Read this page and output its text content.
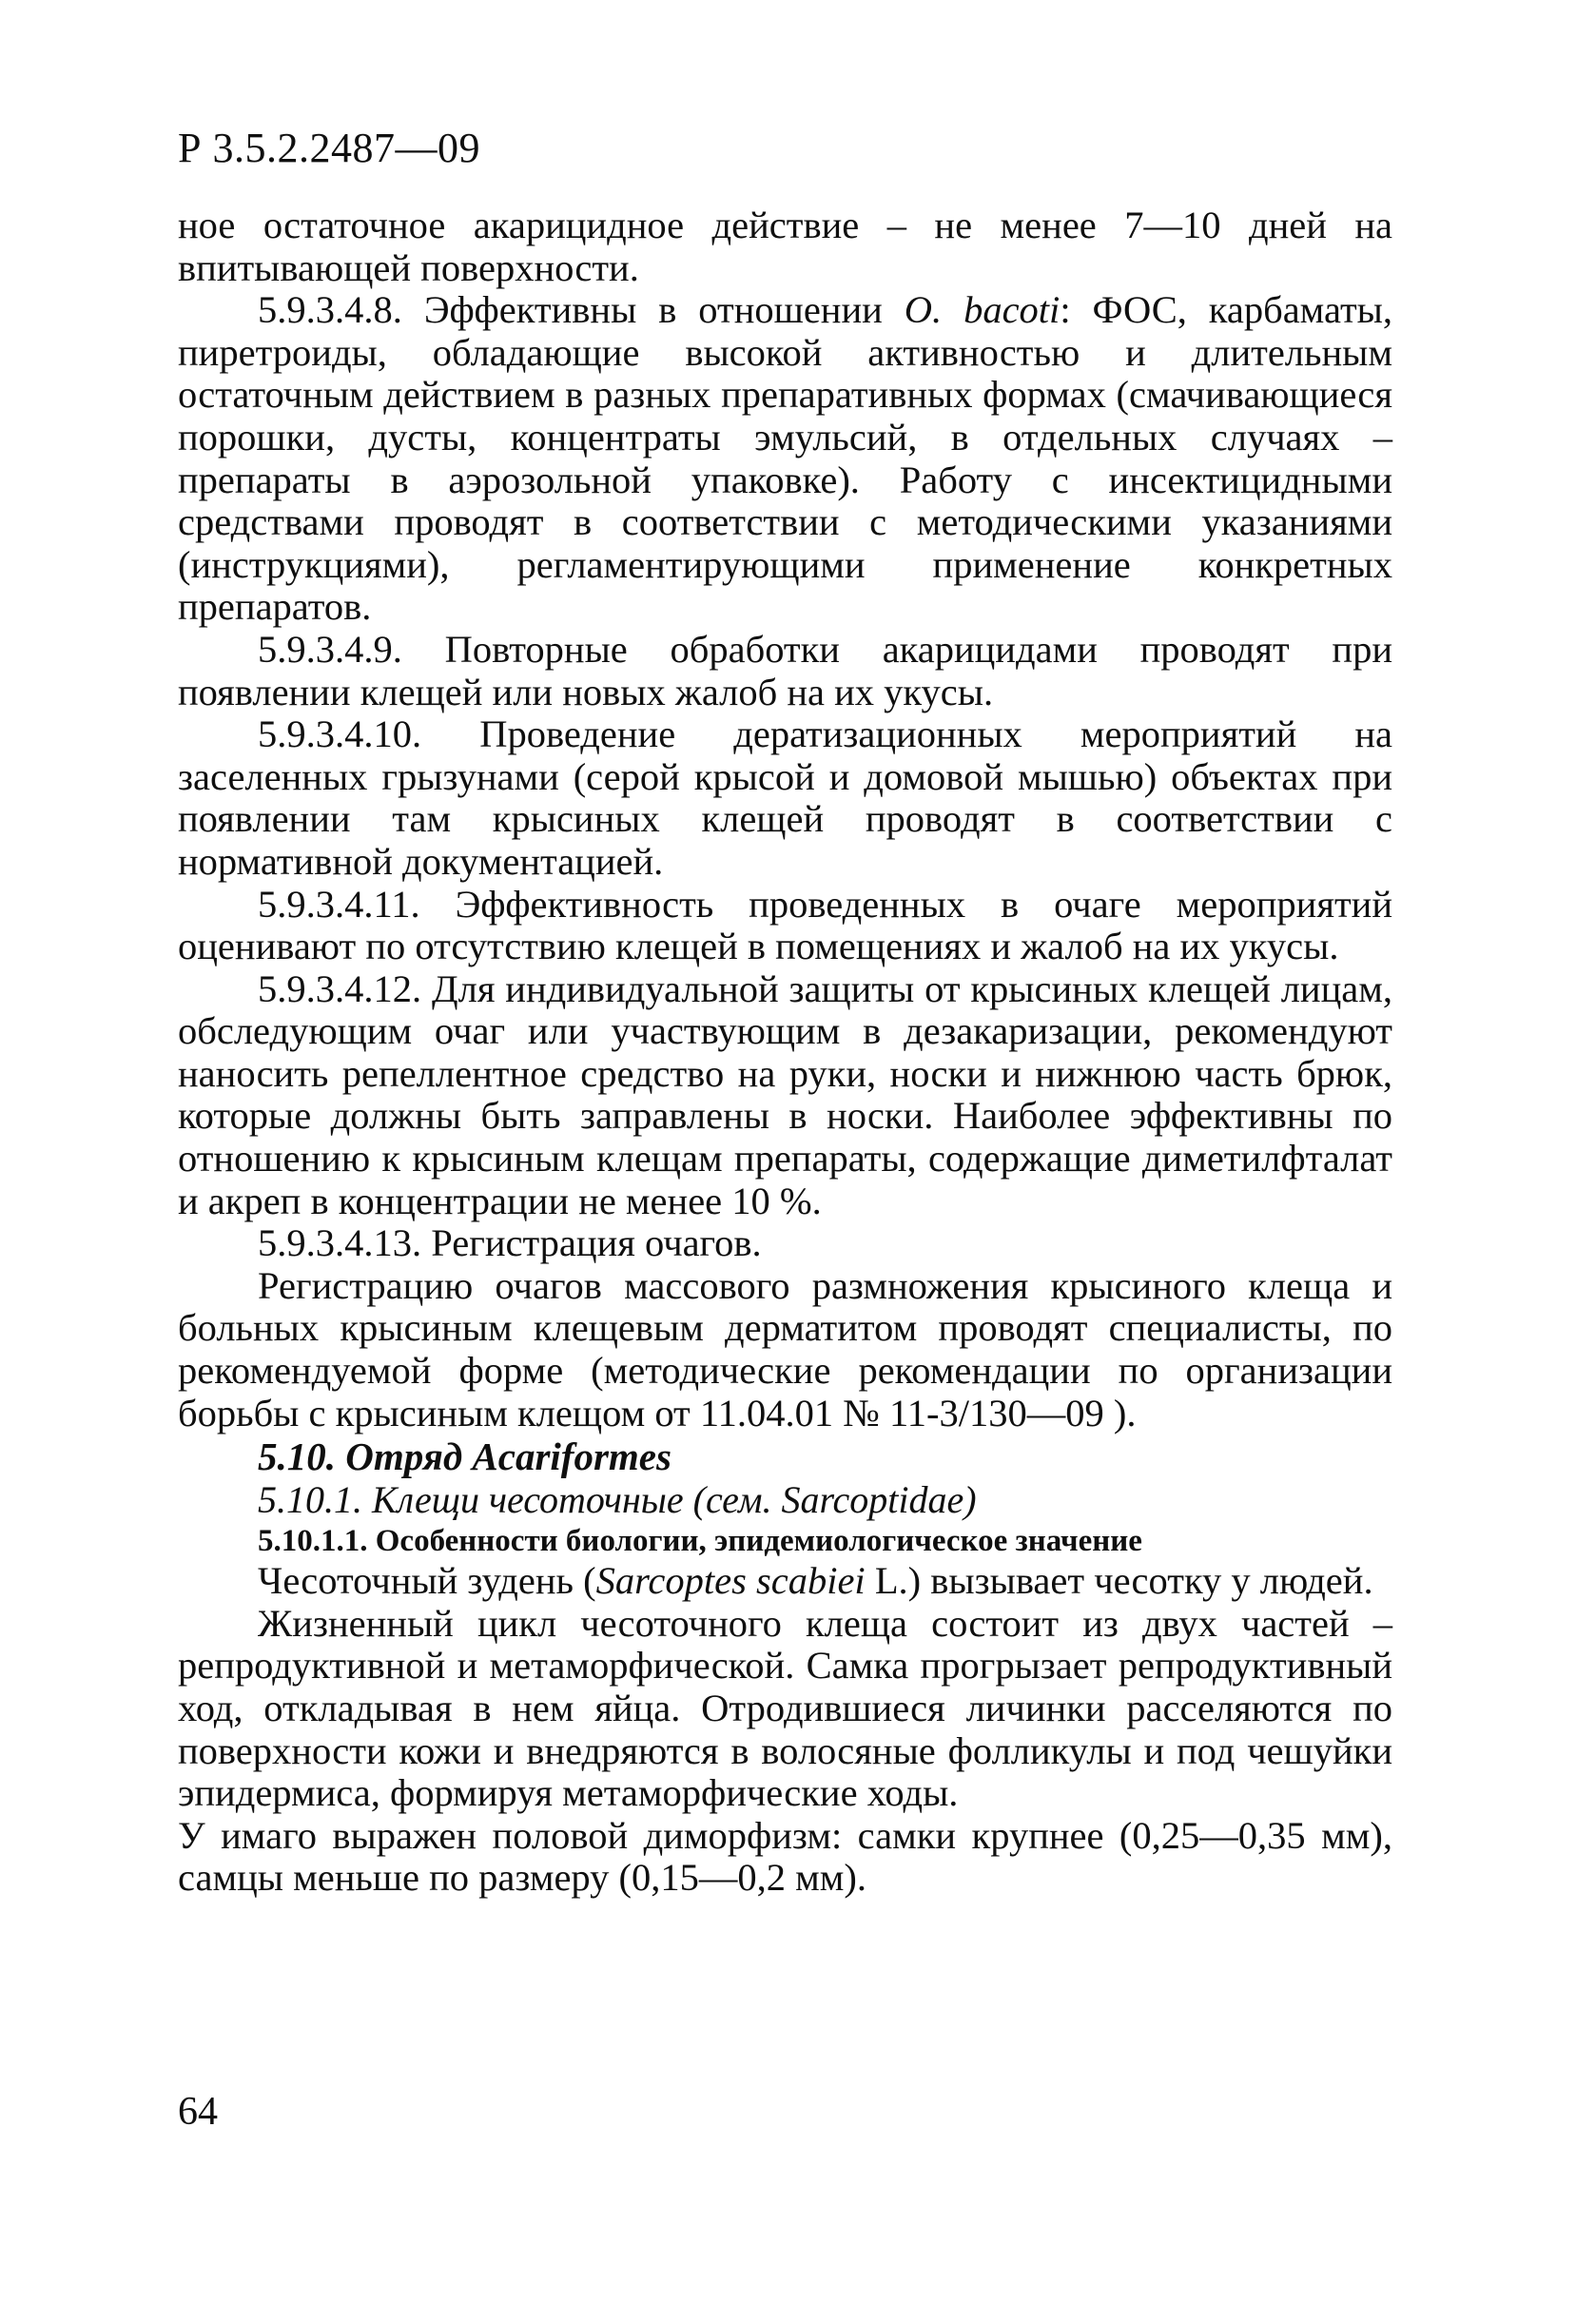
Р 3.5.2.2487—09

ное остаточное акарицидное действие – не менее 7—10 дней на впитывающей поверхности.

5.9.3.4.8. Эффективны в отношении O. bacoti: ФОС, карбаматы, пиретроиды, обладающие высокой активностью и длительным остаточным действием в разных препаративных формах (смачивающиеся порошки, дусты, концентраты эмульсий, в отдельных случаях – препараты в аэрозольной упаковке). Работу с инсектицидными средствами проводят в соответствии с методическими указаниями (инструкциями), регламентирующими применение конкретных препаратов.

5.9.3.4.9. Повторные обработки акарицидами проводят при появлении клещей или новых жалоб на их укусы.

5.9.3.4.10. Проведение дератизационных мероприятий на заселенных грызунами (серой крысой и домовой мышью) объектах при появлении там крысиных клещей проводят в соответствии с нормативной документацией.

5.9.3.4.11. Эффективность проведенных в очаге мероприятий оценивают по отсутствию клещей в помещениях и жалоб на их укусы.

5.9.3.4.12. Для индивидуальной защиты от крысиных клещей лицам, обследующим очаг или участвующим в дезакаризации, рекомендуют наносить репеллентное средство на руки, носки и нижнюю часть брюк, которые должны быть заправлены в носки. Наиболее эффективны по отношению к крысиным клещам препараты, содержащие диметилфталат и акреп в концентрации не менее 10 %.

5.9.3.4.13. Регистрация очагов.

Регистрацию очагов массового размножения крысиного клеща и больных крысиным клещевым дерматитом проводят специалисты, по рекомендуемой форме (методические рекомендации по организации борьбы с крысиным клещом от 11.04.01 № 11-3/130—09 ).

5.10. Отряд Acariformes

5.10.1. Клещи чесоточные (сем. Sarcoptidae)

5.10.1.1. Особенности биологии, эпидемиологическое значение

Чесоточный зудень (Sarcoptes scabiei L.) вызывает чесотку у людей.

Жизненный цикл чесоточного клеща состоит из двух частей – репродуктивной и метаморфической. Самка прогрызает репродуктивный ход, откладывая в нем яйца. Отродившиеся личинки расселяются по поверхности кожи и внедряются в волосяные фолликулы и под чешуйки эпидермиса, формируя метаморфические ходы.

У имаго выражен половой диморфизм: самки крупнее (0,25—0,35 мм), самцы меньше по размеру (0,15—0,2 мм).

64
